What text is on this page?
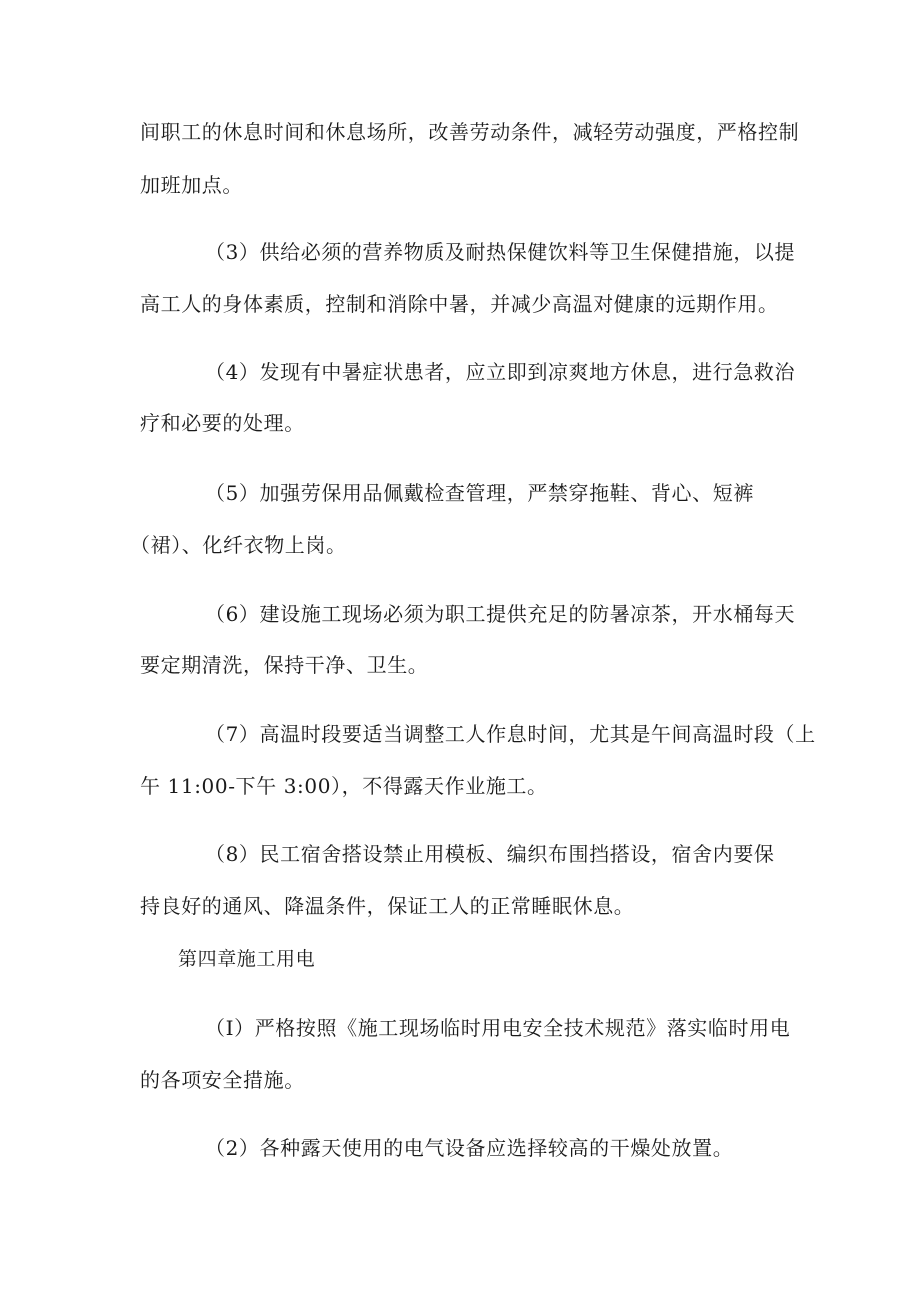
间职工的休息时间和休息场所，改善劳动条件，减轻劳动强度，严格控制
加班加点。
（3）供给必须的营养物质及耐热保健饮料等卫生保健措施，以提
高工人的身体素质，控制和消除中暑，并减少高温对健康的远期作用。
（4）发现有中暑症状患者，应立即到凉爽地方休息，进行急救治
疗和必要的处理。
（5）加强劳保用品佩戴检查管理，严禁穿拖鞋、背心、短裤
（裙）、化纤衣物上岗。
（6）建设施工现场必须为职工提供充足的防暑凉茶，开水桶每天
要定期清洗，保持干净、卫生。
（7）高温时段要适当调整工人作息时间，尤其是午间高温时段（上
午 11:00-下午 3:00），不得露天作业施工。
（8）民工宿舍搭设禁止用模板、编织布围挡搭设，宿舍内要保
持良好的通风、降温条件，保证工人的正常睡眠休息。
第四章施工用电
（I）严格按照《施工现场临时用电安全技术规范》落实临时用电
的各项安全措施。
（2）各种露天使用的电气设备应选择较高的干燥处放置。
